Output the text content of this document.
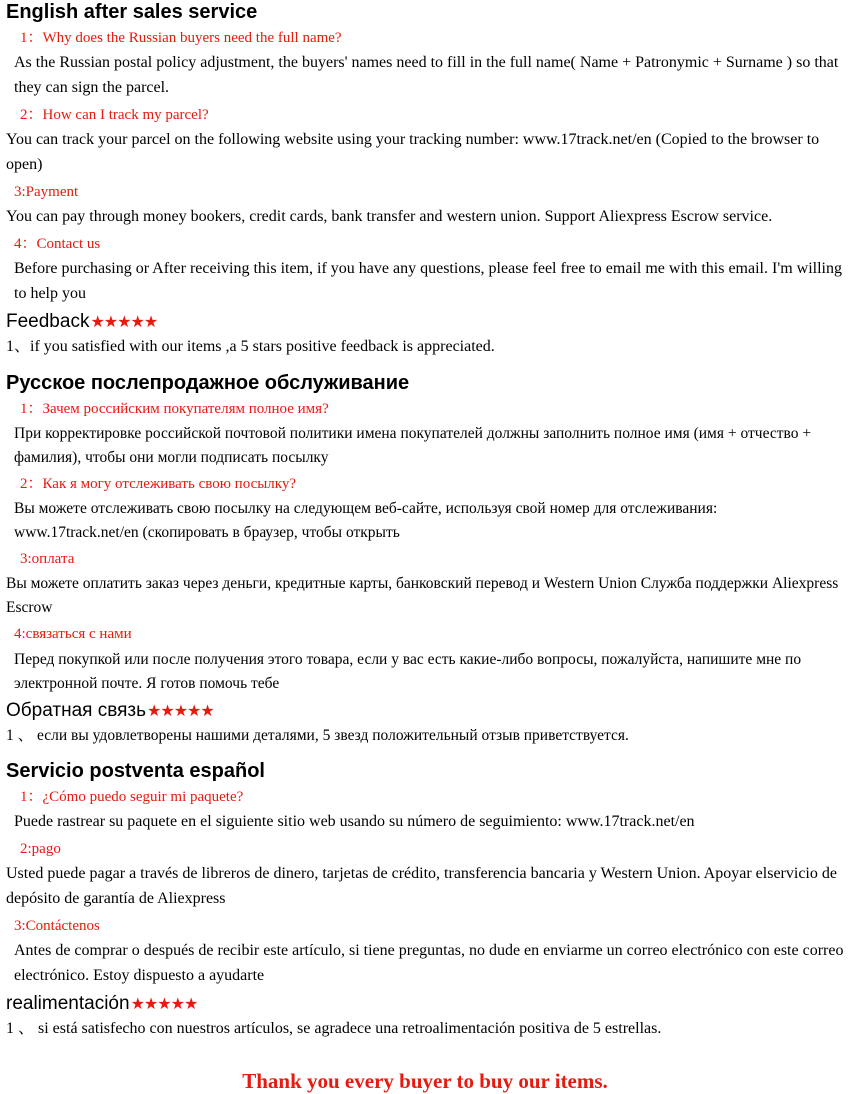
English after sales service

1：Why does the Russian buyers need the full name?

As the Russian postal policy adjustment, the buyers' names need to fill in the full name( Name + Patronymic + Surname ) so that they can sign the parcel.

2：How can I track my parcel?

You can track your parcel on the following website using your tracking number: www.17track.net/en (Copied to the browser to open)

3:Payment

You can pay through money bookers, credit cards, bank transfer and western union. Support Aliexpress Escrow service.

4：Contact us

Before purchasing or After receiving this item, if you have any questions, please feel free to email me with this email. I'm willing to help you

Feedback ★★★★★

1、if you satisfied with our items ,a 5 stars positive feedback is appreciated.

Русское послепродажное обслуживание

1：Зачем российским покупателям полное имя?

При корректировке российской почтовой политики имена покупателей должны заполнить полное имя (имя + отчество + фамилия), чтобы они могли подписать посылку

2：Как я могу отслеживать свою посылку?

Вы можете отслеживать свою посылку на следующем веб-сайте, используя свой номер для отслеживания: www.17track.net/en (скопировать в браузер, чтобы открыть

3:оплата

Вы можете оплатить заказ через деньги, кредитные карты, банковский перевод и Western Union Служба поддержки Aliexpress Escrow

4:связаться с нами

Перед покупкой или после получения этого товара, если у вас есть какие-либо вопросы, пожалуйста, напишите мне по электронной почте. Я готов помочь тебе

Обратная связь ★★★★★

1 、 если вы удовлетворены нашими деталями, 5 звезд положительный отзыв приветствуется.

Servicio postventa español

1：¿Cómo puedo seguir mi paquete?

Puede rastrear su paquete en el siguiente sitio web usando su número de seguimiento: www.17track.net/en

2:pago

Usted puede pagar a través de libreros de dinero, tarjetas de crédito, transferencia bancaria y Western Union. Apoyar elservicio de depósito de garantía de Aliexpress

3:Contáctenos

Antes de comprar o después de recibir este artículo, si tiene preguntas, no dude en enviarme un correo electrónico con este correo electrónico. Estoy dispuesto a ayudarte

realimentación ★★★★★

1 、 si está satisfecho con nuestros artículos, se agradece una retroalimentación positiva de 5 estrellas.

Thank you every buyer to buy our items.
